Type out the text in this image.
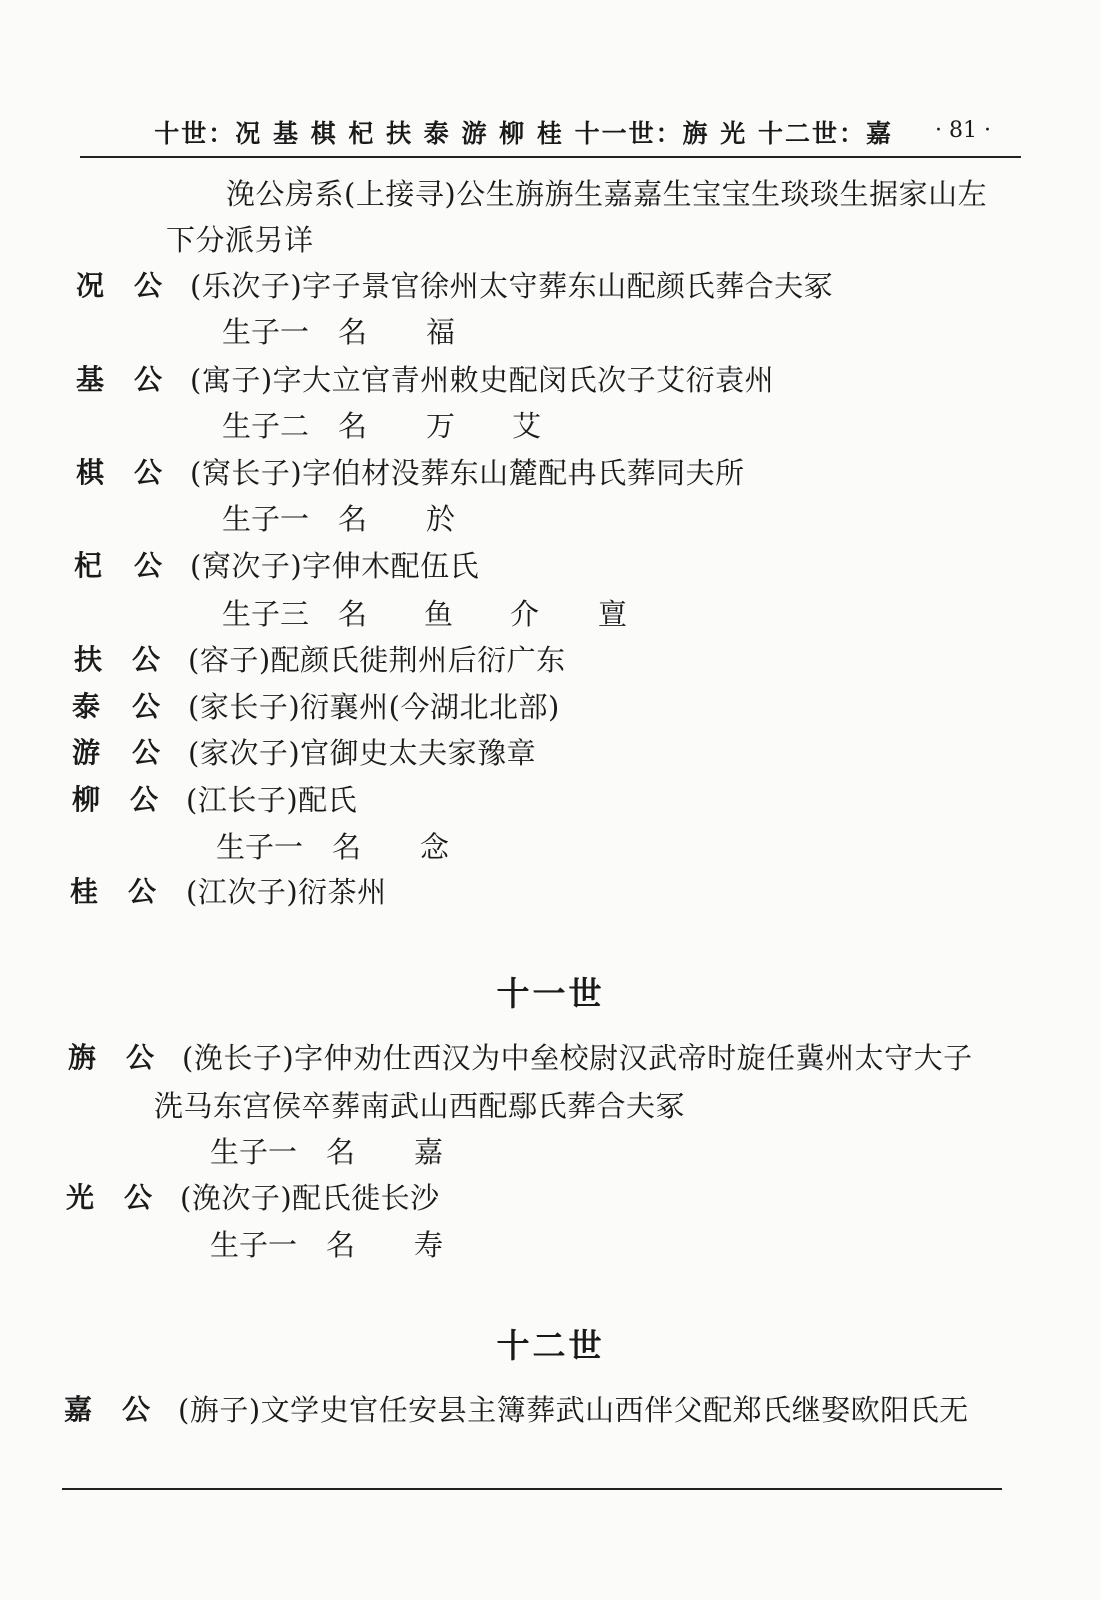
十世：况 基 棋 杞 扶 泰 游 柳 桂 十一世：旃 光 十二世：嘉 · 81 ·
浼公房系(上接寻)公生旃旃生嘉嘉生宝宝生琰琰生据家山左
下分派另详
况 公 (乐次子)字子景官徐州太守葬东山配颜氏葬合夫冢
生子一 名 福
基 公 (寓子)字大立官青州敕史配闵氏次子艾衍袁州
生子二 名 万 艾
棋 公 (窝长子)字伯材没葬东山麓配冉氏葬同夫所
生子一 名 於
杞 公 (窝次子)字伸木配伍氏
生子三 名 鱼 介 亶
扶 公 (容子)配颜氏徙荆州后衍广东
泰 公 (家长子)衍襄州(今湖北北部)
游 公 (家次子)官御史太夫家豫章
柳 公 (江长子)配氏
生子一 名 念
桂 公 (江次子)衍茶州
十一世
旃 公 (浼长子)字仲劝仕西汉为中垒校尉汉武帝时旋任冀州太守大子
洗马东宫侯卒葬南武山西配鄢氏葬合夫冢
生子一 名 嘉
光 公 (浼次子)配氏徙长沙
生子一 名 寿
十二世
嘉 公 (旃子)文学史官任安县主簿葬武山西伴父配郑氏继娶欧阳氏无
